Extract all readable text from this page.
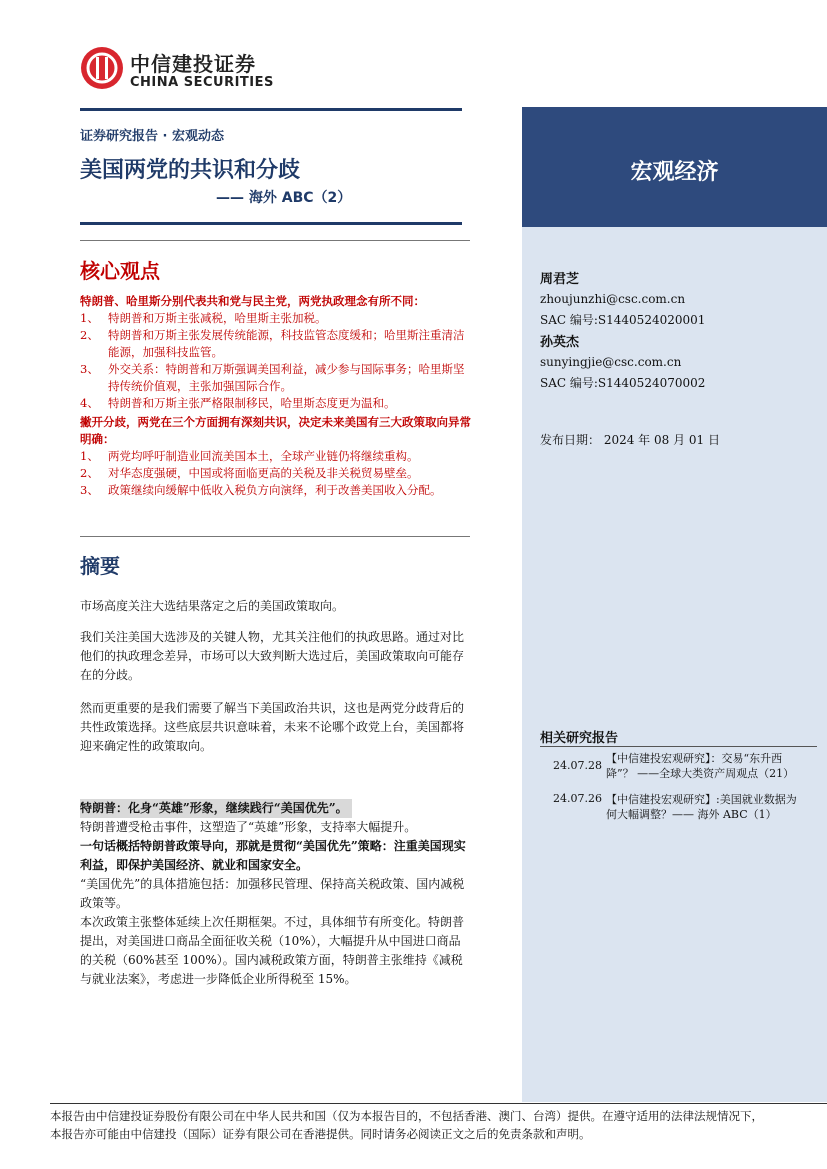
中信建投证券
CHINA SECURITIES
宏观经济
证券研究报告 · 宏观动态
美国两党的共识和分歧
—— 海外 ABC（2）
核心观点
特朗普、哈里斯分别代表共和党与民主党，两党执政理念有所不同：
1、 特朗普和万斯主张减税，哈里斯主张加税。
2、 特朗普和万斯主张发展传统能源，科技监管态度缓和；哈里斯注重清洁能源，加强科技监管。
3、 外交关系：特朗普和万斯强调美国利益，减少参与国际事务；哈里斯坚持传统价值观，主张加强国际合作。
4、 特朗普和万斯主张严格限制移民，哈里斯态度更为温和。
撇开分歧，两党在三个方面拥有深刻共识，决定未来美国有三大政策取向异常明确：
1、 两党均呼吁制造业回流美国本土，全球产业链仍将继续重构。
2、 对华态度强硬，中国或将面临更高的关税及非关税贸易壁垒。
3、 政策继续向缓解中低收入税负方向演绎，利于改善美国收入分配。
摘要
市场高度关注大选结果落定之后的美国政策取向。
我们关注美国大选涉及的关键人物，尤其关注他们的执政思路。通过对比他们的执政理念差异，市场可以大致判断大选过后，美国政策取向可能存在的分歧。
然而更重要的是我们需要了解当下美国政治共识，这也是两党分歧背后的共性政策选择。这些底层共识意味着，未来不论哪个政党上台，美国都将迎来确定性的政策取向。
特朗普：化身“英雄”形象，继续践行“美国优先”。
特朗普遭受枪击事件，这塑造了“英雄”形象，支持率大幅提升。
一句话概括特朗普政策导向，那就是贯彻“美国优先”策略：注重美国现实利益，即保护美国经济、就业和国家安全。
“美国优先”的具体措施包括：加强移民管理、保持高关税政策、国内减税政策等。
本次政策主张整体延续上次任期框架。不过，具体细节有所变化。特朗普提出，对美国进口商品全面征收关税（10%），大幅提升从中国进口商品的关税（60%甚至 100%）。国内减税政策方面，特朗普主张维持《减税与就业法案》，考虑进一步降低企业所得税至 15%。
周君芝
zhoujunzhi@csc.com.cn
SAC 编号:S1440524020001
孙英杰
sunyingjie@csc.com.cn
SAC 编号:S1440524070002
发布日期： 2024 年 08 月 01 日
相关研究报告
24.07.28
【中信建投宏观研究】：交易“东升西降”？ ——全球大类资产周观点（21）
24.07.26 【中信建投宏观研究】:美国就业数据为何大幅调整？—— 海外 ABC（1）
本报告由中信建投证券股份有限公司在中华人民共和国（仅为本报告目的，不包括香港、澳门、台湾）提供。在遵守适用的法律法规情况下，
本报告亦可能由中信建投（国际）证券有限公司在香港提供。同时请务必阅读正文之后的免责条款和声明。
